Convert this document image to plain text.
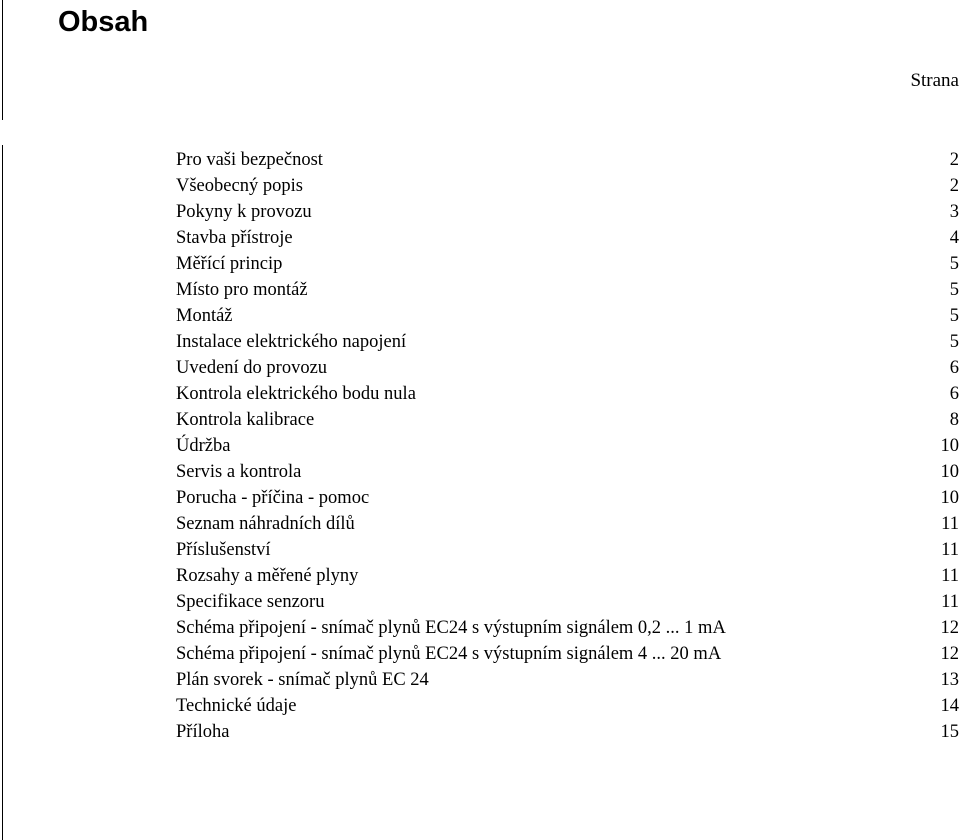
Obsah
Strana
Pro vaši bezpečnost	2
Všeobecný popis	2
Pokyny k provozu	3
Stavba přístroje	4
Měřící princip	5
Místo pro montáž	5
Montáž	5
Instalace elektrického napojení	5
Uvedení do provozu	6
Kontrola elektrického bodu nula	6
Kontrola kalibrace	8
Údržba	10
Servis a kontrola	10
Porucha - příčina - pomoc	10
Seznam náhradních dílů	11
Příslušenství	11
Rozsahy a měřené plyny	11
Specifikace senzoru	11
Schéma připojení - snímač plynů EC24 s výstupním signálem 0,2 ... 1 mA	12
Schéma připojení - snímač plynů EC24 s výstupním signálem 4 ... 20 mA	12
Plán svorek - snímač plynů EC 24	13
Technické údaje	14
Příloha	15
